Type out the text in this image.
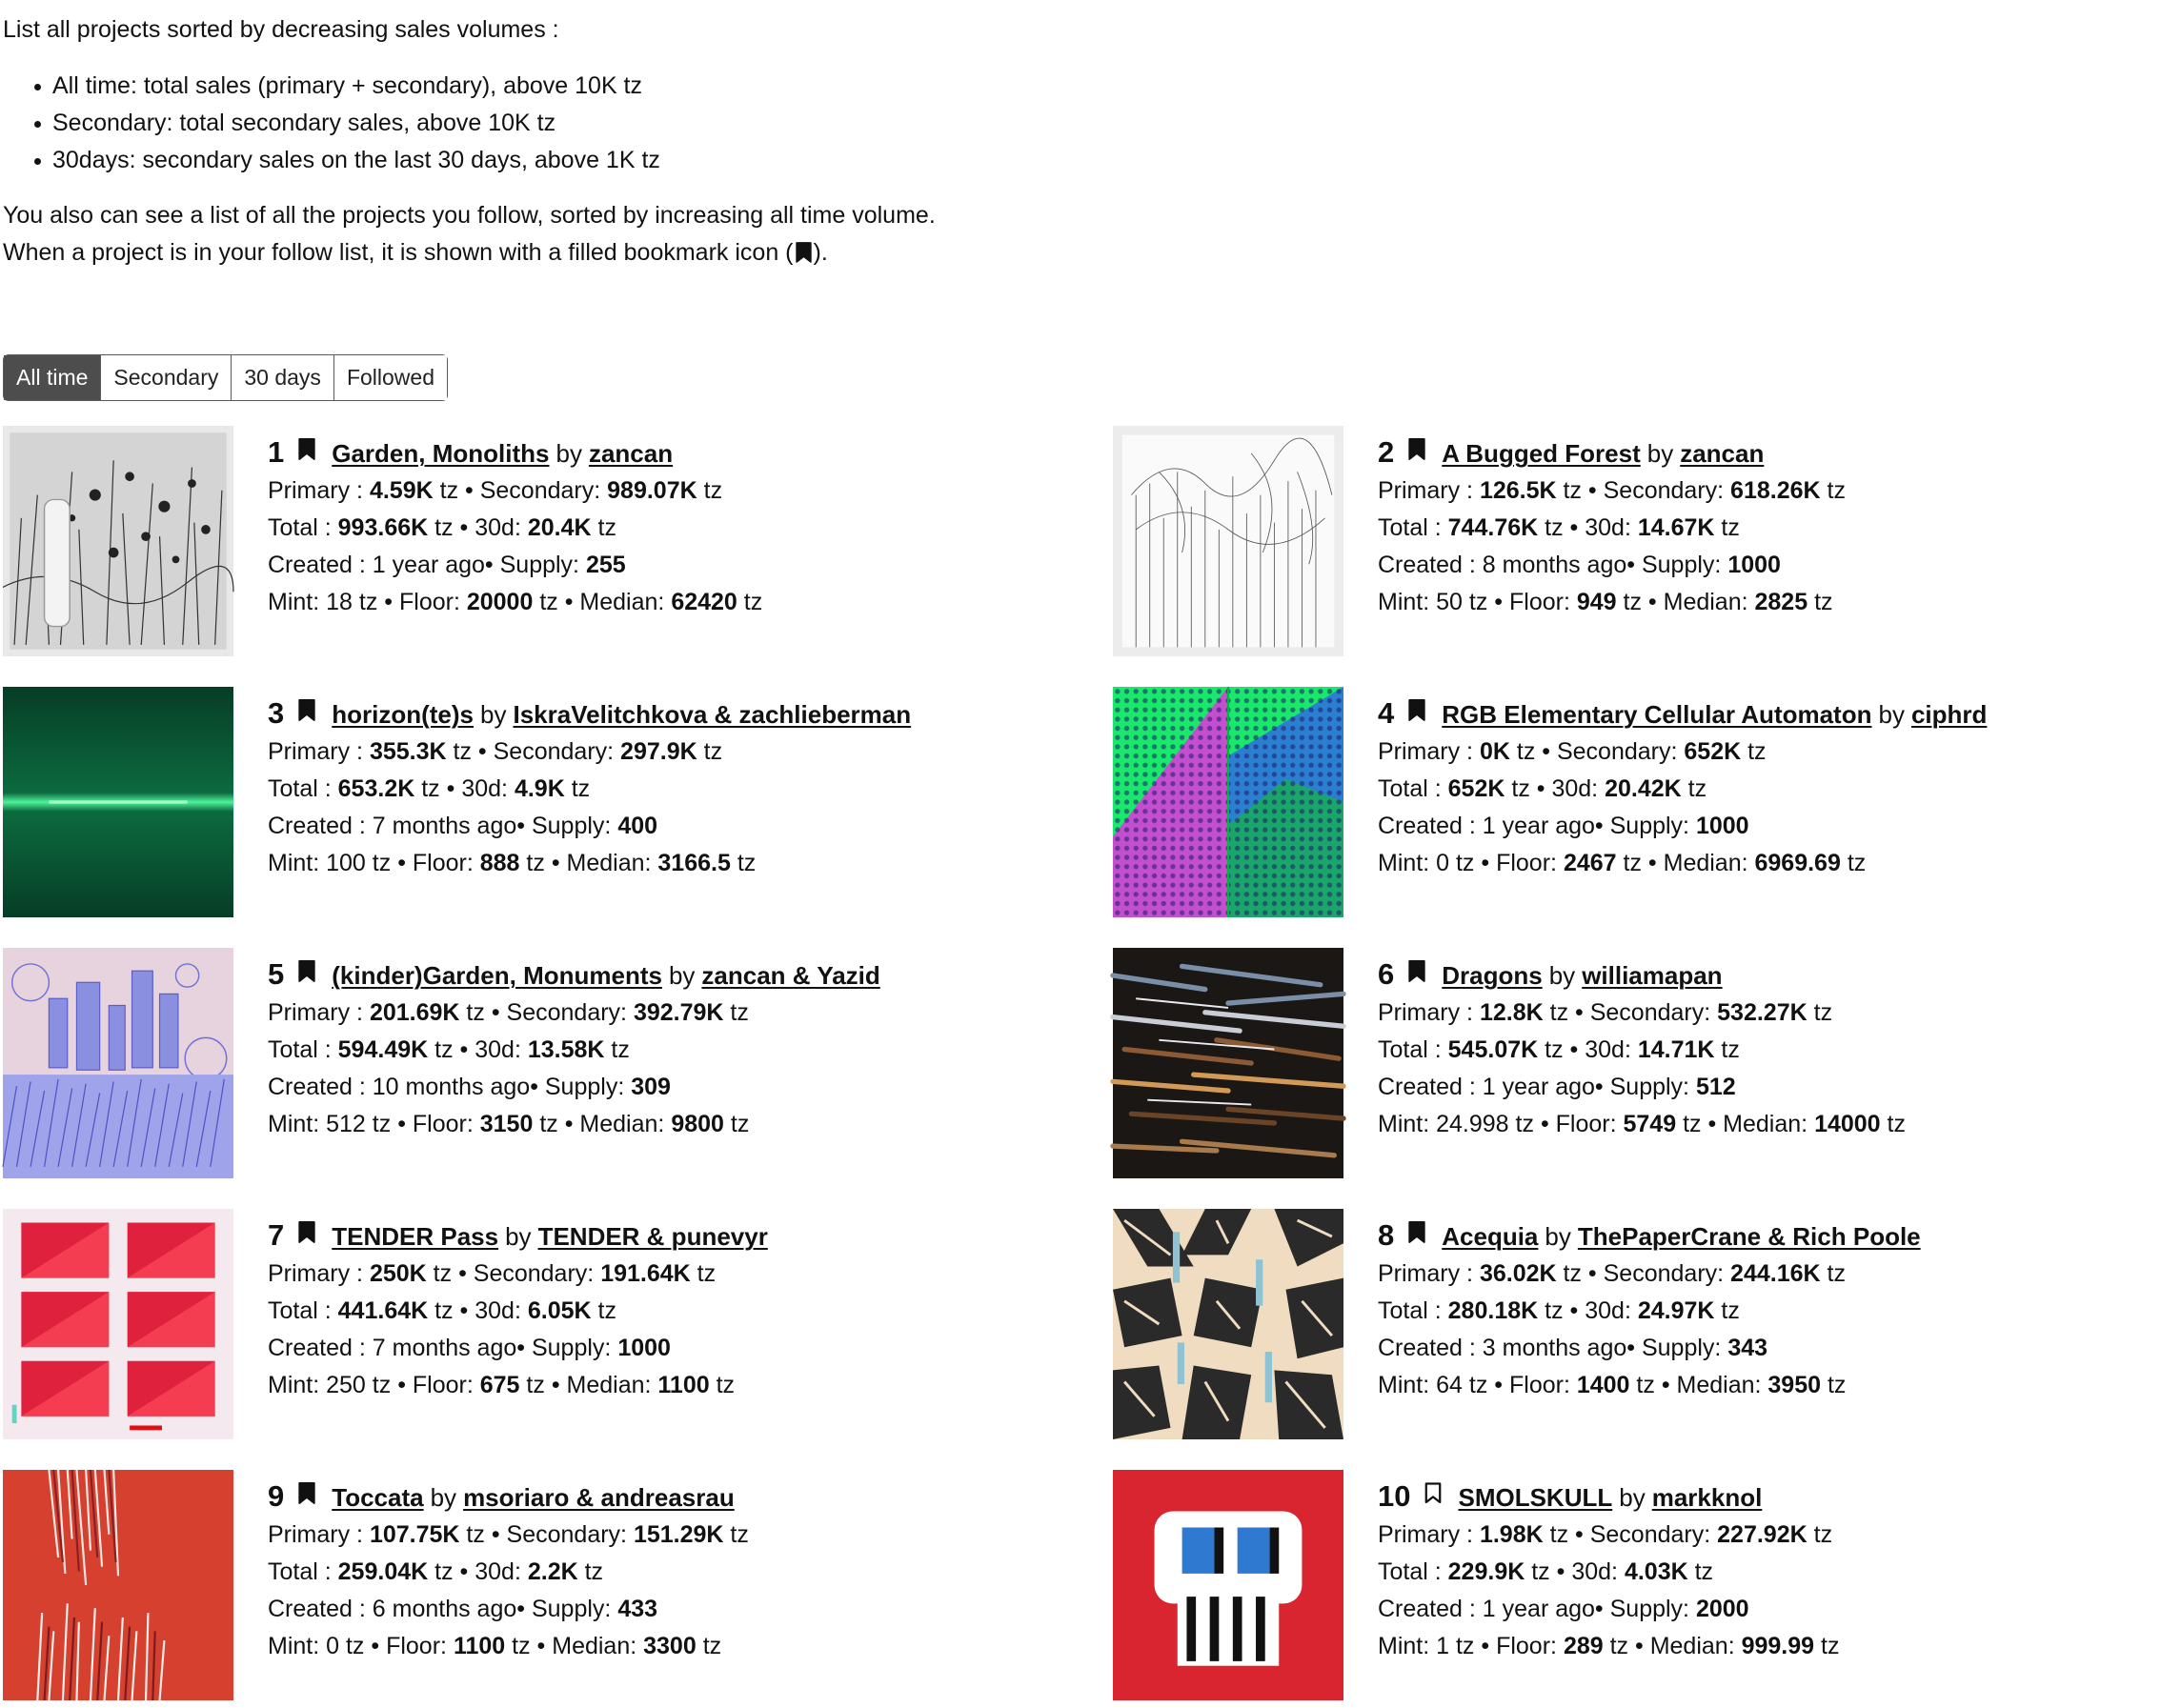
List all projects sorted by decreasing sales volumes :

All time: total sales (primary + secondary), above 10K tz
Secondary: total secondary sales, above 10K tz
30days: secondary sales on the last 30 days, above 1K tz

You also can see a list of all the projects you follow, sorted by increasing all time volume.

When a project is in your follow list, it is shown with a filled bookmark icon ( ).

All time	Secondary	30 days	Followed
1 Garden, Monoliths by zancan
Primary : 4.59K tz • Secondary: 989.07K tz
Total : 993.66K tz • 30d: 20.4K tz
Created : 1 year ago• Supply: 255
Mint: 18 tz • Floor: 20000 tz • Median: 62420 tz
2 A Bugged Forest by zancan
Primary : 126.5K tz • Secondary: 618.26K tz
Total : 744.76K tz • 30d: 14.67K tz
Created : 8 months ago• Supply: 1000
Mint: 50 tz • Floor: 949 tz • Median: 2825 tz
3 horizon(te)s by IskraVelitchkova & zachlieberman
Primary : 355.3K tz • Secondary: 297.9K tz
Total : 653.2K tz • 30d: 4.9K tz
Created : 7 months ago• Supply: 400
Mint: 100 tz • Floor: 888 tz • Median: 3166.5 tz
4 RGB Elementary Cellular Automaton by ciphrd
Primary : 0K tz • Secondary: 652K tz
Total : 652K tz • 30d: 20.42K tz
Created : 1 year ago• Supply: 1000
Mint: 0 tz • Floor: 2467 tz • Median: 6969.69 tz
5 (kinder)Garden, Monuments by zancan & Yazid
Primary : 201.69K tz • Secondary: 392.79K tz
Total : 594.49K tz • 30d: 13.58K tz
Created : 10 months ago• Supply: 309
Mint: 512 tz • Floor: 3150 tz • Median: 9800 tz
6 Dragons by williamapan
Primary : 12.8K tz • Secondary: 532.27K tz
Total : 545.07K tz • 30d: 14.71K tz
Created : 1 year ago• Supply: 512
Mint: 24.998 tz • Floor: 5749 tz • Median: 14000 tz
7 TENDER Pass by TENDER & punevyr
Primary : 250K tz • Secondary: 191.64K tz
Total : 441.64K tz • 30d: 6.05K tz
Created : 7 months ago• Supply: 1000
Mint: 250 tz • Floor: 675 tz • Median: 1100 tz
8 Acequia by ThePaperCrane & Rich Poole
Primary : 36.02K tz • Secondary: 244.16K tz
Total : 280.18K tz • 30d: 24.97K tz
Created : 3 months ago• Supply: 343
Mint: 64 tz • Floor: 1400 tz • Median: 3950 tz
9 Toccata by msoriaro & andreasrau
Primary : 107.75K tz • Secondary: 151.29K tz
Total : 259.04K tz • 30d: 2.2K tz
Created : 6 months ago• Supply: 433
Mint: 0 tz • Floor: 1100 tz • Median: 3300 tz
10 SMOLSKULL by markknol
Primary : 1.98K tz • Secondary: 227.92K tz
Total : 229.9K tz • 30d: 4.03K tz
Created : 1 year ago• Supply: 2000
Mint: 1 tz • Floor: 289 tz • Median: 999.99 tz
